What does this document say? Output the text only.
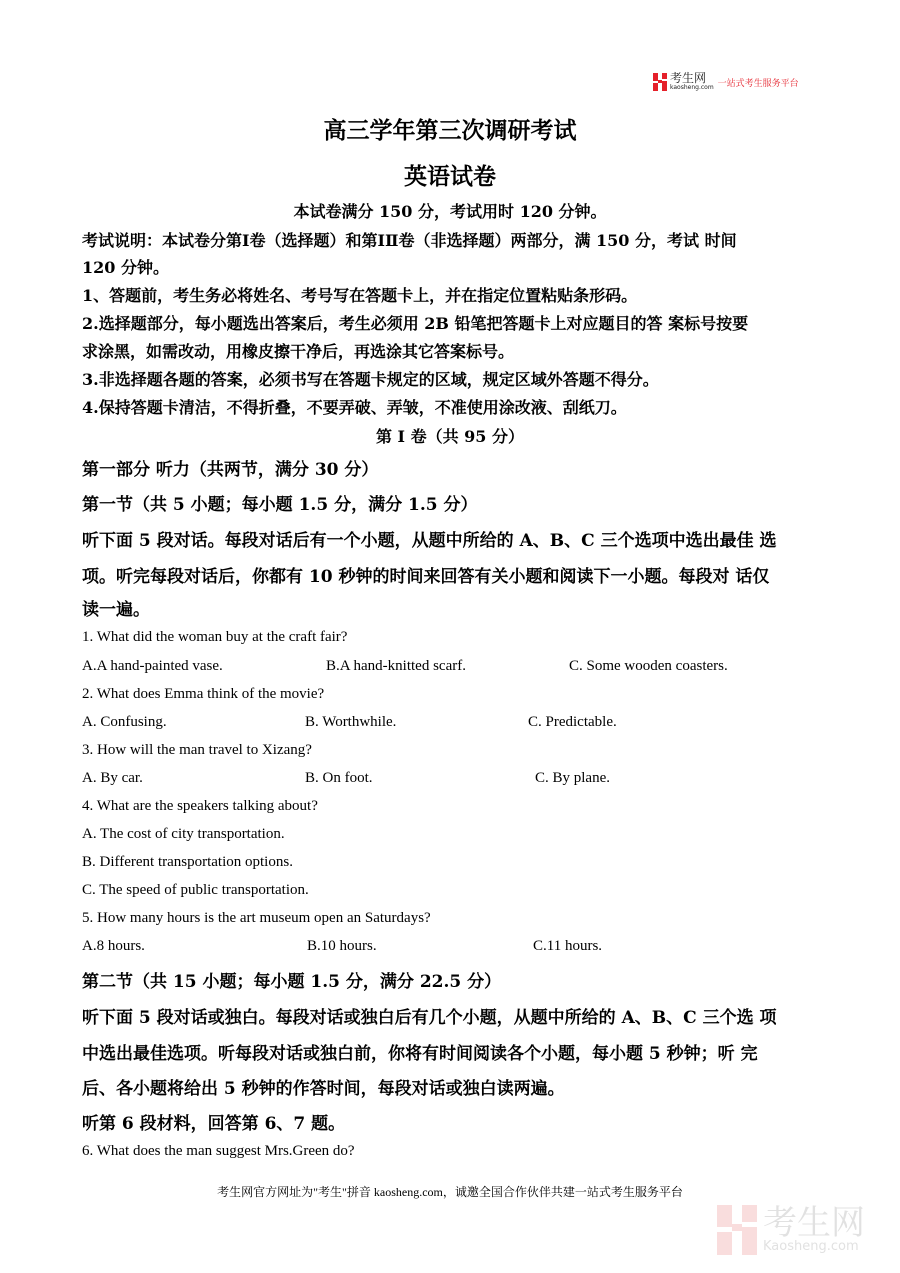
考生网
kaosheng.com 一站式考生服务平台
高三学年第三次调研考试
英语试卷
本试卷满分 150 分，考试用时 120 分钟。
考试说明：本试卷分第Ⅰ卷（选择题）和第ⅠⅡ卷（非选择题）两部分，满 150 分，考试 时间
120 分钟。
1、答题前，考生务必将姓名、考号写在答题卡上，并在指定位置粘贴条形码。
2.选择题部分，每小题选出答案后，考生必须用 2B 铅笔把答题卡上对应题目的答 案标号按要
求涂黑，如需改动，用橡皮擦干净后，再选涂其它答案标号。
3.非选择题各题的答案，必须书写在答题卡规定的区域，规定区域外答题不得分。
4.保持答题卡清洁，不得折叠，不要弄破、弄皱，不准使用涂改液、刮纸刀。
第 I 卷（共 95 分）
第一部分 听力（共两节，满分 30 分）
第一节（共 5 小题；每小题 1.5 分，满分 1.5 分）
听下面 5 段对话。每段对话后有一个小题，从题中所给的 A、B、C 三个选项中选出最佳 选
项。听完每段对话后，你都有 10 秒钟的时间来回答有关小题和阅读下一小题。每段对 话仅
读一遍。
1. What did the woman buy at the craft fair?
A.A hand-painted vase.	B.A hand-knitted scarf.	C. Some wooden coasters.
2. What does Emma think of the movie?
A. Confusing.	B. Worthwhile.	C. Predictable.
3. How will the man travel to Xizang?
A. By car.	B. On foot.	C. By plane.
4. What are the speakers talking about?
A. The cost of city transportation.
B. Different transportation options.
C. The speed of public transportation.
5. How many hours is the art museum open an Saturdays?
A.8 hours.	B.10 hours.	C.11 hours.
第二节（共 15 小题；每小题 1.5 分，满分 22.5 分）
听下面 5 段对话或独白。每段对话或独白后有几个小题，从题中所给的 A、B、C 三个选 项
中选出最佳选项。听每段对话或独白前，你将有时间阅读各个小题，每小题 5 秒钟；听 完
后、各小题将给出 5 秒钟的作答时间，每段对话或独白读两遍。
听第 6 段材料，回答第 6、7 题。
6. What does the man suggest Mrs.Green do?
考生网官方网址为"考生"拼音 kaosheng.com，诚邀全国合作伙伴共建一站式考生服务平台
考生网
Kaosheng.com
